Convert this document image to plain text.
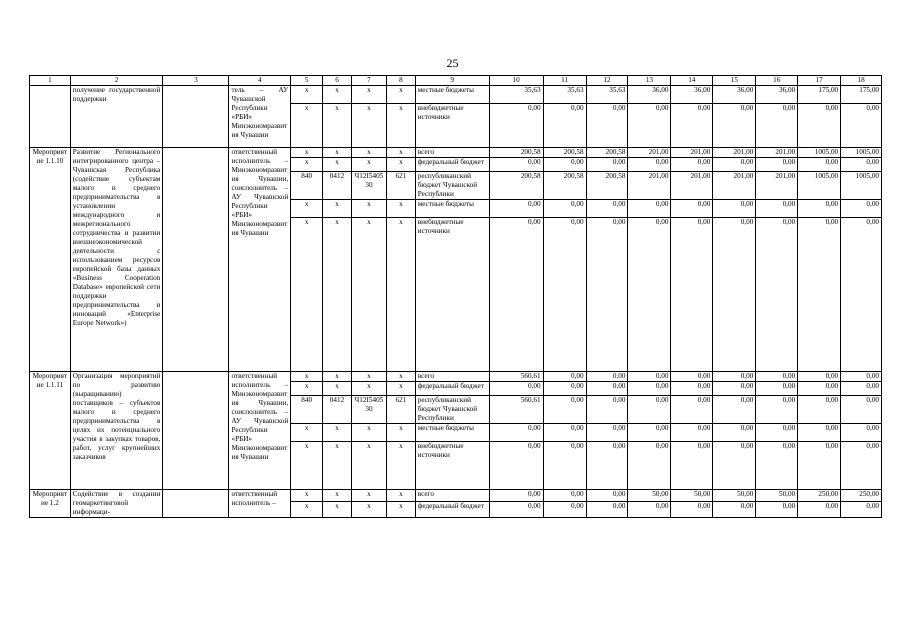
25
1	2	3	4	5	6	7	8	9	10	11	12	13	14	15	16	17	18
	получение государственной поддержки		тель – АУ Чувашской Республики «РБИ» Минэкономразвития Чувашии	х	х	х	х	местные бюджеты	35,63	35,63	35,63	36,00	36,00	36,00	36,00	175,00	175,00
				х	х	х	х	внебюджетные источники	0,00	0,00	0,00	0,00	0,00	0,00	0,00	0,00	0,00
Мероприятие 1.1.10	Развитие Регионального интегрированного центра – Чувашская Республика (содействие субъектам малого и среднего предпринимательства в установлении международного и межрегионального сотрудничества и развитии внешнеэкономической деятельности с использованием ресурсов европейской базы данных «Business Cooperation Database» европейской сети поддержки предпринимательства и инноваций «Enterprise Europe Network»)		ответственный исполнитель – Минэкономразвития Чувашии, соисполнитель – АУ Чувашской Республики «РБИ» Минэкономразвития Чувашии	х	х	х	х	всего	200,58	200,58	200,58	201,00	201,00	201,00	201,00	1005,00	1005,00
				х	х	х	х	федеральный бюджет	0,00	0,00	0,00	0,00	0,00	0,00	0,00	0,00	0,00
				840	0412	Ч12I540530	621	республиканский бюджет Чувашской Республики	200,58	200,58	200,58	201,00	201,00	201,00	201,00	1005,00	1005,00
				х	х	х	х	местные бюджеты	0,00	0,00	0,00	0,00	0,00	0,00	0,00	0,00	0,00
				х	х	х	х	внебюджетные источники	0,00	0,00	0,00	0,00	0,00	0,00	0,00	0,00	0,00
Мероприятие 1.1.11	Организация мероприятий по развитию (выращиванию) поставщиков – субъектов малого и среднего предпринимательства в целях их потенциального участия в закупках товаров, работ, услуг крупнейших заказчиков		ответственный исполнитель – Минэкономразвития Чувашии, соисполнитель – АУ Чувашской Республики «РБИ» Минэкономразвития Чувашии	х	х	х	х	всего	560,61	0,00	0,00	0,00	0,00	0,00	0,00	0,00	0,00
				х	х	х	х	федеральный бюджет	0,00	0,00	0,00	0,00	0,00	0,00	0,00	0,00	0,00
				840	0412	Ч12I540530	621	республиканский бюджет Чувашской Республики	560,61	0,00	0,00	0,00	0,00	0,00	0,00	0,00	0,00
				х	х	х	х	местные бюджеты	0,00	0,00	0,00	0,00	0,00	0,00	0,00	0,00	0,00
				х	х	х	х	внебюджетные источники	0,00	0,00	0,00	0,00	0,00	0,00	0,00	0,00	0,00
Мероприятие 1.2	Содействие в создании геомаркетинговой информаци-		ответственный исполнитель –	х	х	х	х	всего	0,00	0,00	0,00	50,00	50,00	50,00	50,00	250,00	250,00
				х	х	х	х	федеральный бюджет	0,00	0,00	0,00	0,00	0,00	0,00	0,00	0,00	0,00
